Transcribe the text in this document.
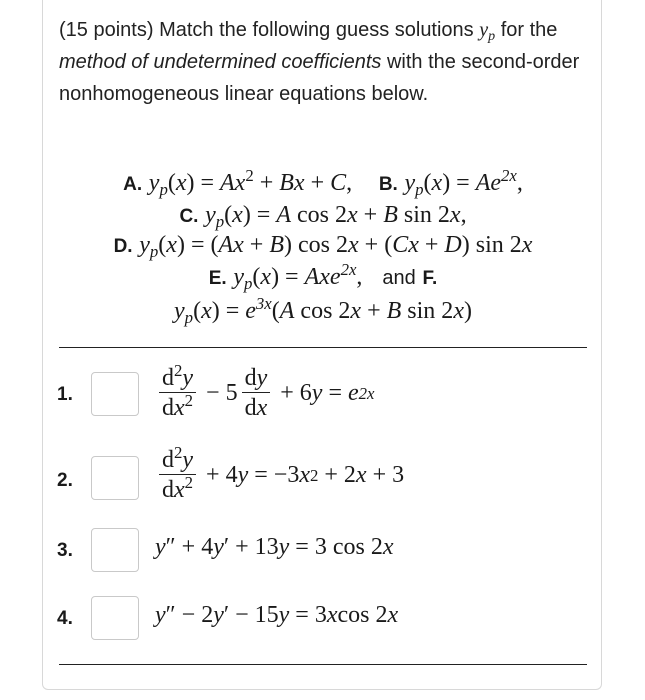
(15 points) Match the following guess solutions $y_p$ for the method of undetermined coefficients with the second-order nonhomogeneous linear equations below.
A. $y_p(x) = Ax^2 + Bx + C$, B. $y_p(x) = Ae^{2x}$,
C. $y_p(x) = A$ cos 2x + B sin 2x,
D. $y_p(x) = (Ax + B)$ cos 2x + (Cx + D) sin 2x
E. $y_p(x) = Axe^{2x}$, and F.
$y_p(x) = e^{3x}(A$ cos 2x + B sin 2x)
1.	$\frac{d^2y}{dx^2} - 5 \frac{dy}{dx} + 6$ y = e 2x
2.	$\frac{d^2y}{dx^2} + 4$ y = −3 x 2 + 2 x + 3
3.	y ″ + 4 y ′ + 13 y = 3 cos 2 x
4.	y ″ − 2 y ′ − 15 y = 3 x cos 2 x
